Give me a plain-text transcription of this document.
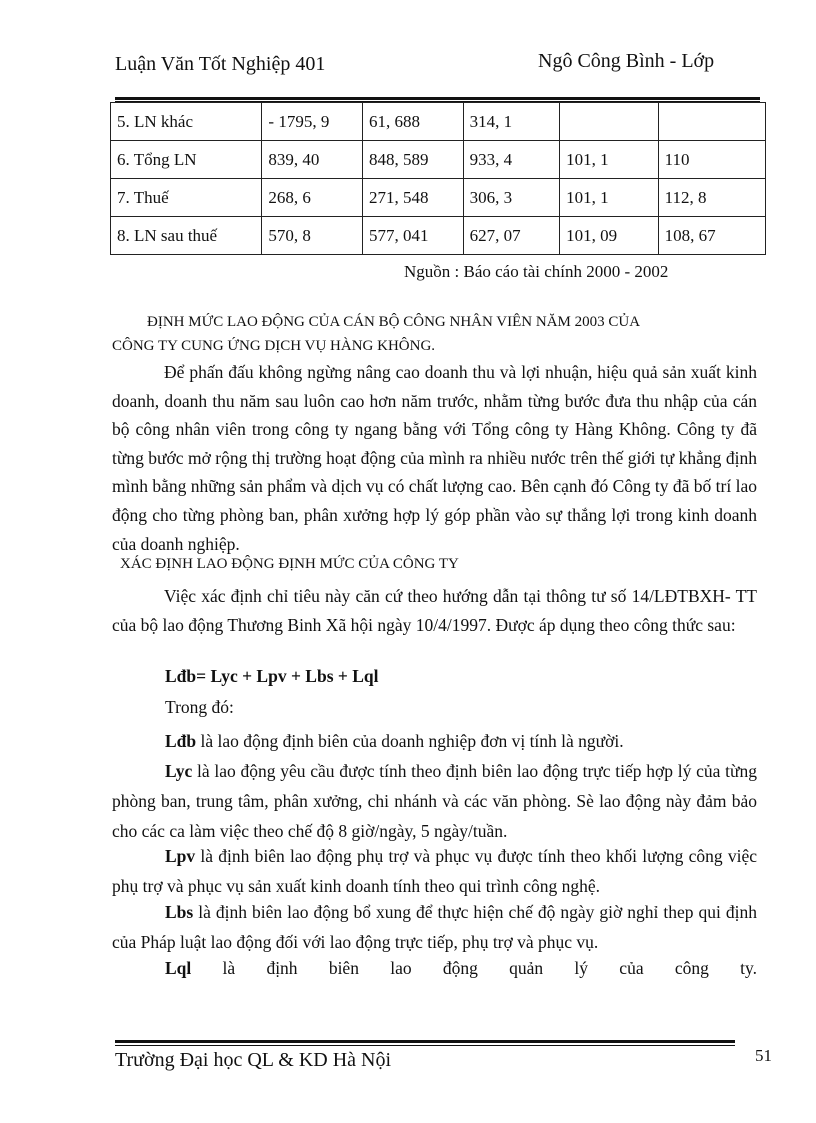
Luận Văn Tốt Nghiệp 401	Ngô Công Bình - Lớp
5. LN khác	- 1795, 9	61, 688	314, 1		
6. Tổng LN	839, 40	848, 589	933, 4	101, 1	110
7. Thuế	268, 6	271, 548	306, 3	101, 1	112, 8
8. LN sau thuế	570, 8	577, 041	627, 07	101, 09	108, 67
Nguồn : Báo cáo tài chính 2000 - 2002
ĐỊNH MỨC LAO ĐỘNG CỦA CÁN BỘ CÔNG NHÂN VIÊN NĂM 2003 CỦA
CÔNG TY CUNG ỨNG DỊCH VỤ HÀNG KHÔNG.
Để phấn đấu không ngừng nâng cao doanh thu và lợi nhuận, hiệu quả sản xuất kinh doanh, doanh thu năm sau luôn cao hơn năm trước, nhằm từng bước đưa thu nhập của cán bộ công nhân viên trong công ty ngang bằng với Tổng công ty Hàng Không. Công ty đã từng bước mở rộng thị trường hoạt động của mình ra nhiều nước trên thế giới tự khẳng định mình bằng những sản phẩm và dịch vụ có chất lượng cao. Bên cạnh đó Công ty đã bố trí lao động cho từng phòng ban, phân xưởng hợp lý góp phần vào sự thắng lợi trong kinh doanh của doanh nghiệp.
XÁC ĐỊNH LAO ĐỘNG ĐỊNH MỨC CỦA CÔNG TY
Việc xác định chỉ tiêu này căn cứ theo hướng dẫn tại thông tư số 14/LĐTBXH- TT của bộ lao động Thương Binh Xã hội ngày 10/4/1997. Được áp dụng theo công thức sau:
Lđb= Lyc + Lpv + Lbs + Lql
Trong đó:
Lđb là lao động định biên của doanh nghiệp đơn vị tính là người.
Lyc là lao động yêu cầu được tính theo định biên lao động trực tiếp hợp lý của từng phòng ban, trung tâm, phân xưởng, chi nhánh và các văn phòng. Sè lao động này đảm bảo cho các ca làm việc theo chế độ 8 giờ/ngày, 5 ngày/tuần.
Lpv là định biên lao động phụ trợ và phục vụ được tính theo khối lượng công việc phụ trợ và phục vụ sản xuất kinh doanh tính theo qui trình công nghệ.
Lbs là định biên lao động bổ xung để thực hiện chế độ ngày giờ nghỉ thep qui định của Pháp luật lao động đối với lao động trực tiếp, phụ trợ và phục vụ.
Lql là định biên lao động quản lý của công ty.
Trường Đại học QL & KD Hà Nội	51
